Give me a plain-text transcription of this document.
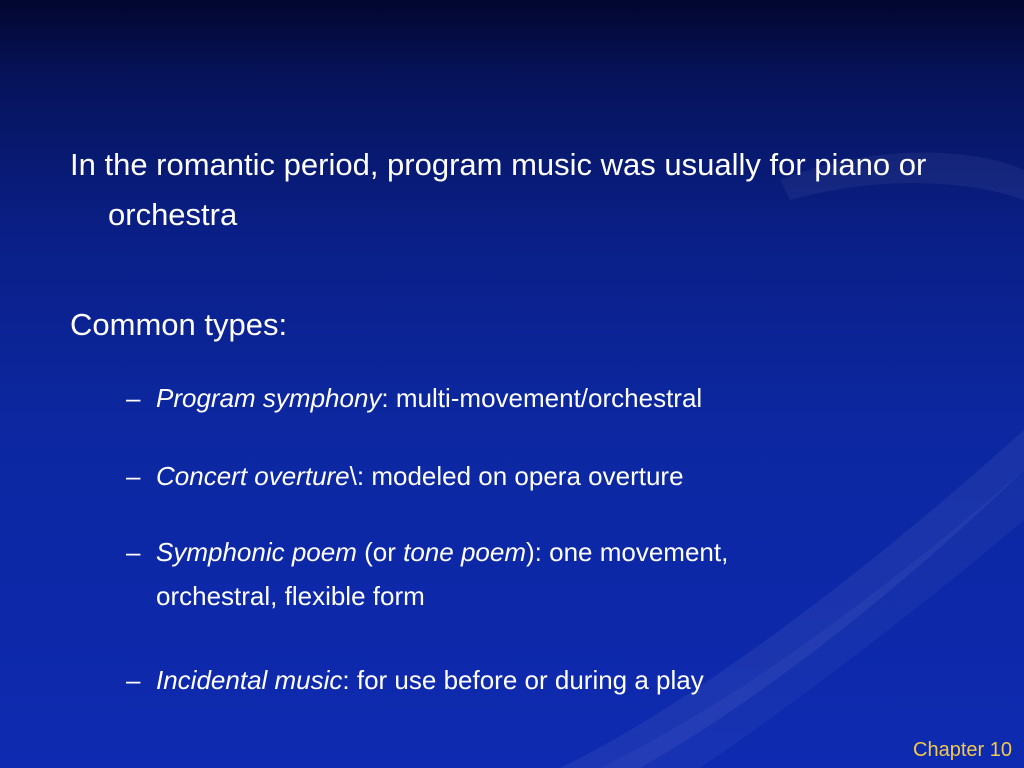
In the romantic period, program music was usually for piano or orchestra

Common types:

– Program symphony: multi-movement/orchestral
– Concert overture\: modeled on opera overture
– Symphonic poem (or tone poem): one movement,
orchestral, flexible form
– Incidental music: for use before or during a play
Chapter 10
